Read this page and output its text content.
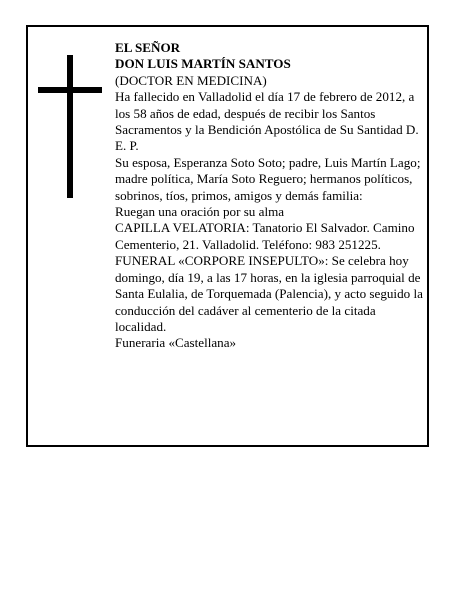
EL SEÑOR

DON LUIS MARTÍN SANTOS

(DOCTOR EN MEDICINA)

Ha fallecido en Valladolid el día 17 de febrero de 2012, a los 58 años de edad, después de recibir los Santos Sacramentos y la Bendición Apostólica de Su Santidad D. E. P.

Su esposa, Esperanza Soto Soto; padre, Luis Martín Lago; madre política, María Soto Reguero; hermanos políticos, sobrinos, tíos, primos, amigos y demás familia:

Ruegan una oración por su alma

CAPILLA VELATORIA: Tanatorio El Salvador. Camino Cementerio, 21. Valladolid. Teléfono: 983 251225.

FUNERAL «CORPORE INSEPULTO»: Se celebra hoy domingo, día 19, a las 17 horas, en la iglesia parroquial de Santa Eulalia, de Torquemada (Palencia), y acto seguido la conducción del cadáver al cementerio de la citada localidad.

Funeraria «Castellana»
